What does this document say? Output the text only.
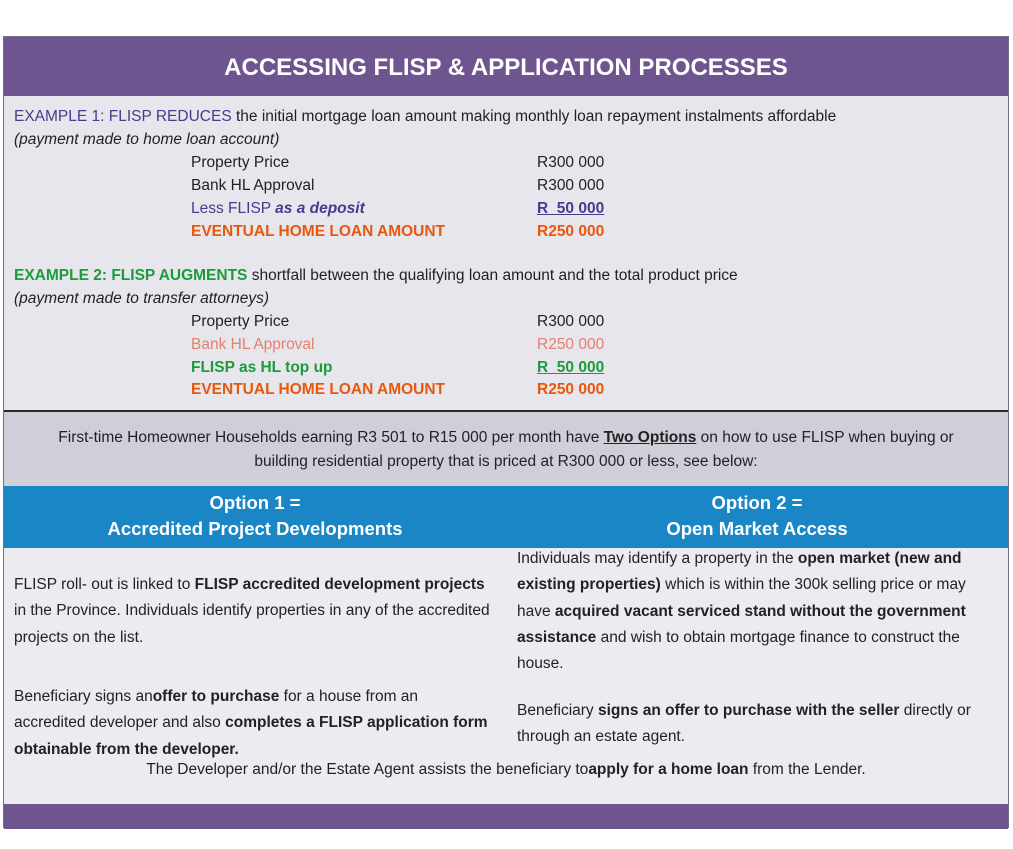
ACCESSING FLISP & APPLICATION PROCESSES
EXAMPLE 1: FLISP REDUCES the initial mortgage loan amount making monthly loan repayment instalments affordable
(payment made to home loan account)
Property Price	R300 000
Bank HL Approval	R300 000
Less FLISP as a deposit	R  50 000
EVENTUAL HOME LOAN AMOUNT	R250 000
EXAMPLE 2: FLISP AUGMENTS shortfall between the qualifying loan amount and the total product price
(payment made to transfer attorneys)
Property Price	R300 000
Bank HL Approval	R250 000
FLISP as HL top up	R  50 000
EVENTUAL HOME LOAN AMOUNT	R250 000
First-time Homeowner Households earning R3 501 to R15 000 per month have Two Options on how to use FLISP when buying or
building residential property that is priced at R300 000 or less, see below:
Option 1 =
Accredited Project Developments
Option 2 =
Open Market Access
FLISP roll- out is linked to FLISP accredited development projects in the Province. Individuals identify properties in any of the accredited projects on the list.
Beneficiary signs anoffer to purchase for a house from an accredited developer and also completes a FLISP application form obtainable from the developer.
Individuals may identify a property in the open market (new and existing properties) which is within the 300k selling price or may have acquired vacant serviced stand without the government assistance and wish to obtain mortgage finance to construct the house.
Beneficiary signs an offer to purchase with the seller directly or through an estate agent.
The Developer and/or the Estate Agent assists the beneficiary toapply for a home loan from the Lender.
